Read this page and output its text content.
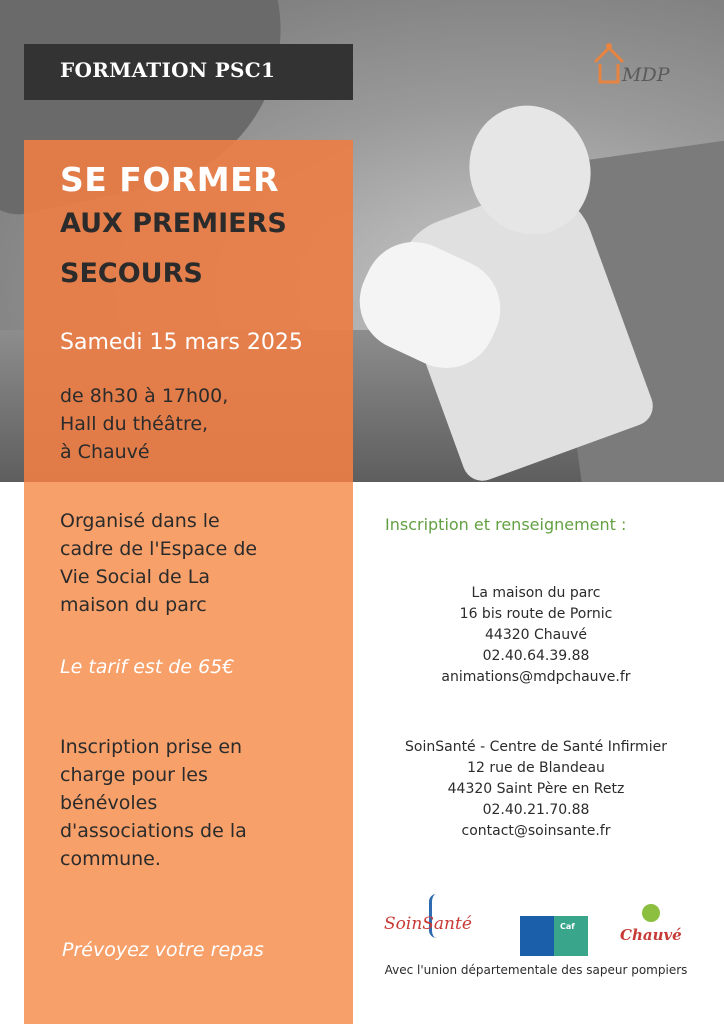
FORMATION PSC1	MDP
SE FORMER
AUX PREMIERS
SECOURS
Samedi 15 mars 2025
de 8h30 à 17h00,
Hall du théâtre,
à Chauvé
Organisé dans le
cadre de l'Espace de
Vie Social de La
maison du parc
Le tarif est de 65€
Inscription prise en
charge pour les
bénévoles
d'associations de la
commune.
Prévoyez votre repas
Inscription et renseignement :
La maison du parc
16 bis route de Pornic
44320 Chauvé
02.40.64.39.88
animations@mdpchauve.fr
SoinSanté - Centre de Santé Infirmier
12 rue de Blandeau
44320 Saint Père en Retz
02.40.21.70.88
contact@soinsante.fr
SoinSanté	Caf	Chauvé
Avec l'union départementale des sapeur pompiers
